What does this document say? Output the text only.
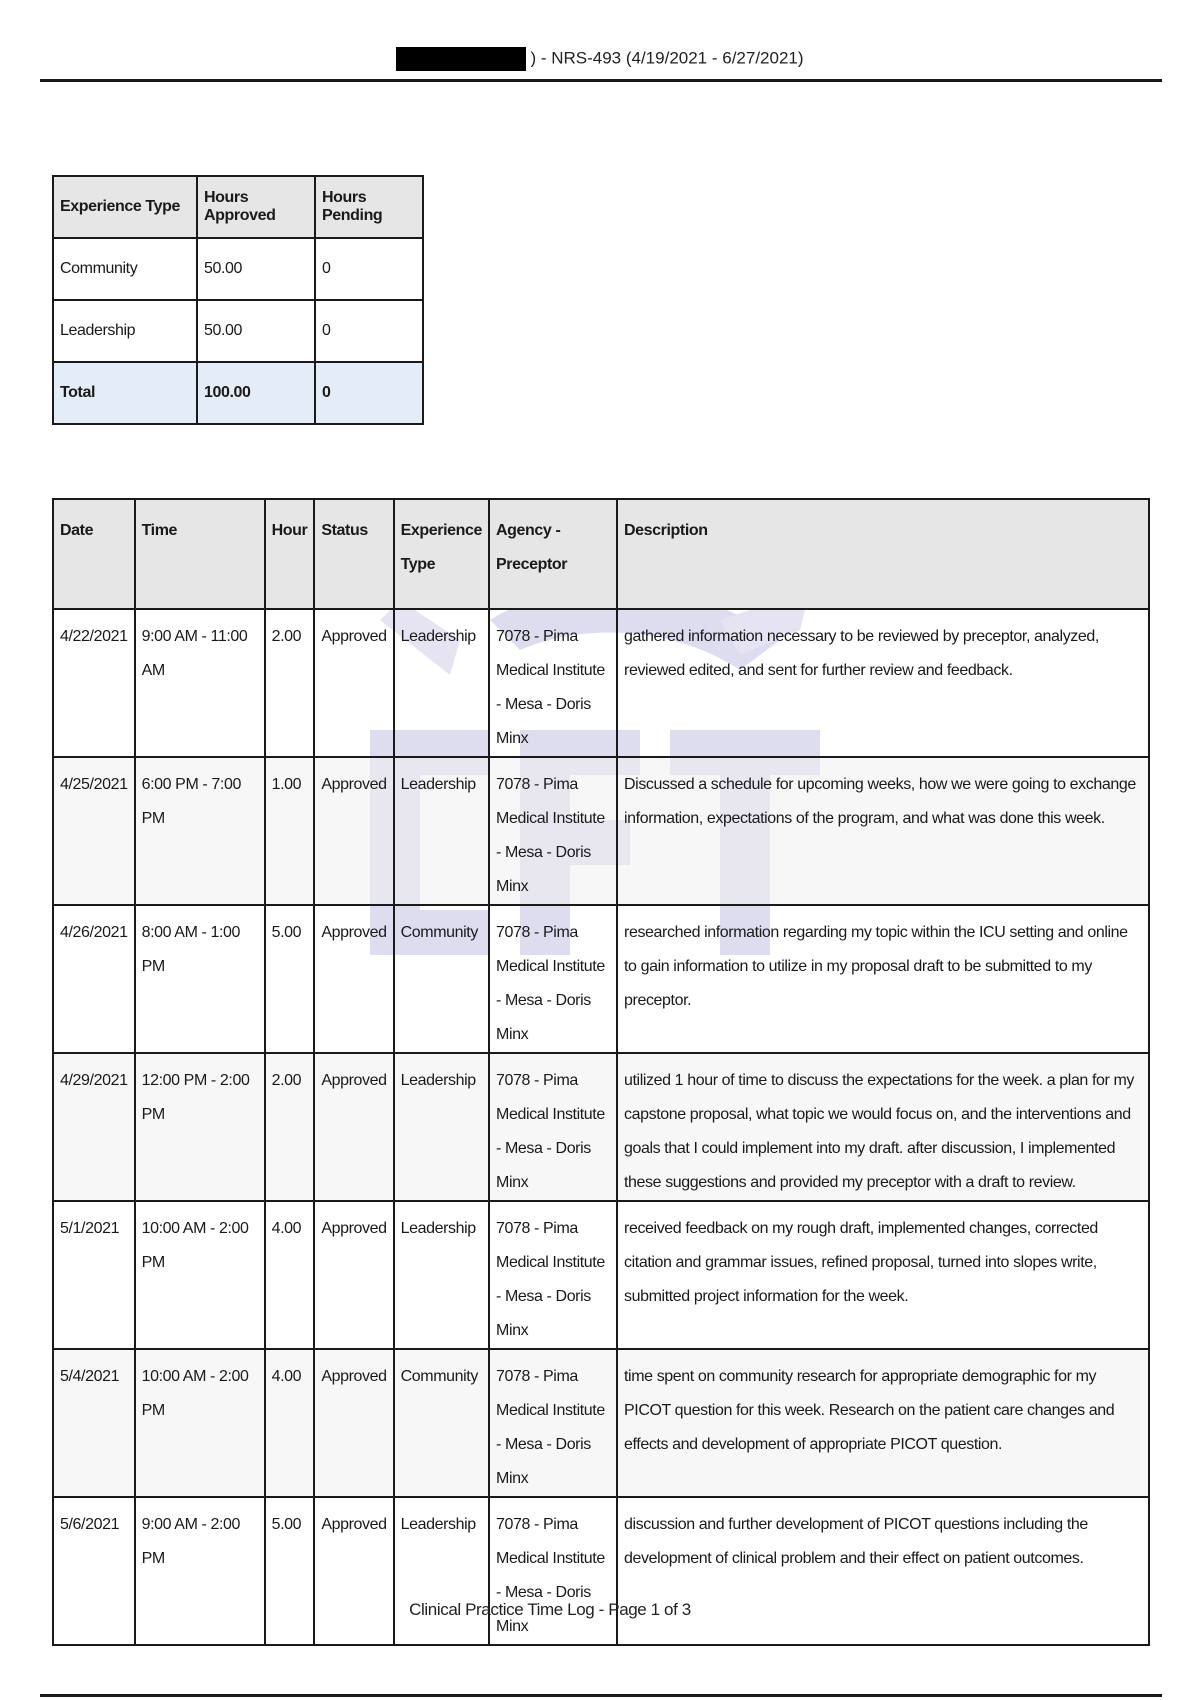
) - NRS-493 (4/19/2021 - 6/27/2021)
Experience Type	Hours Approved	Hours Pending
Community	50.00	0
Leadership	50.00	0
Total	100.00	0
Date	Time	Hour	Status	Experience Type	Agency - Preceptor	Description
4/22/2021	9:00 AM - 11:00 AM	2.00	Approved	Leadership	7078 - Pima Medical Institute - Mesa - Doris Minx	gathered information necessary to be reviewed by preceptor, analyzed, reviewed edited, and sent for further review and feedback.
4/25/2021	6:00 PM - 7:00 PM	1.00	Approved	Leadership	7078 - Pima Medical Institute - Mesa - Doris Minx	Discussed a schedule for upcoming weeks, how we were going to exchange information, expectations of the program, and what was done this week.
4/26/2021	8:00 AM - 1:00 PM	5.00	Approved	Community	7078 - Pima Medical Institute - Mesa - Doris Minx	researched information regarding my topic within the ICU setting and online to gain information to utilize in my proposal draft to be submitted to my preceptor.
4/29/2021	12:00 PM - 2:00 PM	2.00	Approved	Leadership	7078 - Pima Medical Institute - Mesa - Doris Minx	utilized 1 hour of time to discuss the expectations for the week. a plan for my capstone proposal, what topic we would focus on, and the interventions and goals that I could implement into my draft. after discussion, I implemented these suggestions and provided my preceptor with a draft to review.
5/1/2021	10:00 AM - 2:00 PM	4.00	Approved	Leadership	7078 - Pima Medical Institute - Mesa - Doris Minx	received feedback on my rough draft, implemented changes, corrected citation and grammar issues, refined proposal, turned into slopes write, submitted project information for the week.
5/4/2021	10:00 AM - 2:00 PM	4.00	Approved	Community	7078 - Pima Medical Institute - Mesa - Doris Minx	time spent on community research for appropriate demographic for my PICOT question for this week. Research on the patient care changes and effects and development of appropriate PICOT question.
5/6/2021	9:00 AM - 2:00 PM	5.00	Approved	Leadership	7078 - Pima Medical Institute - Mesa - Doris Minx	discussion and further development of PICOT questions including the development of clinical problem and their effect on patient outcomes.
Clinical Practice Time Log - Page 1 of 3
